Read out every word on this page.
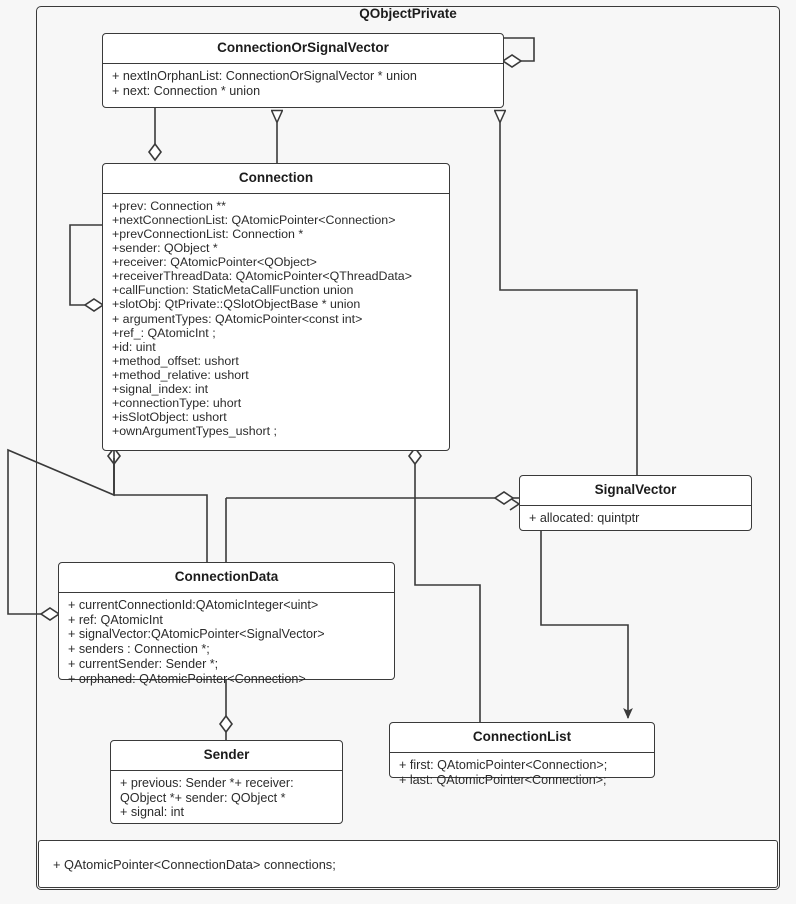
QObjectPrivate
ConnectionOrSignalVector
+ nextInOrphanList: ConnectionOrSignalVector * union
+ next: Connection * union
Connection
+prev: Connection **
+nextConnectionList: QAtomicPointer<Connection>
+prevConnectionList: Connection *
+sender: QObject *
+receiver: QAtomicPointer<QObject>
+receiverThreadData: QAtomicPointer<QThreadData>
+callFunction: StaticMetaCallFunction union
+slotObj: QtPrivate::QSlotObjectBase * union
+ argumentTypes: QAtomicPointer<const int>
+ref_: QAtomicInt ;
+id: uint
+method_offset: ushort
+method_relative: ushort
+signal_index: int
+connectionType: uhort
+isSlotObject: ushort
+ownArgumentTypes_ushort ;
SignalVector
+ allocated: quintptr
ConnectionData
+ currentConnectionId:QAtomicInteger<uint>
+ ref: QAtomicInt
+ signalVector:QAtomicPointer<SignalVector>
+ senders : Connection *;
+ currentSender: Sender *;
+ orphaned: QAtomicPointer<Connection>
ConnectionList
+ first: QAtomicPointer<Connection>;
+ last: QAtomicPointer<Connection>;
Sender
+ previous: Sender *+ receiver: QObject *+ sender: QObject *
+ signal: int
+ QAtomicPointer<ConnectionData> connections;
